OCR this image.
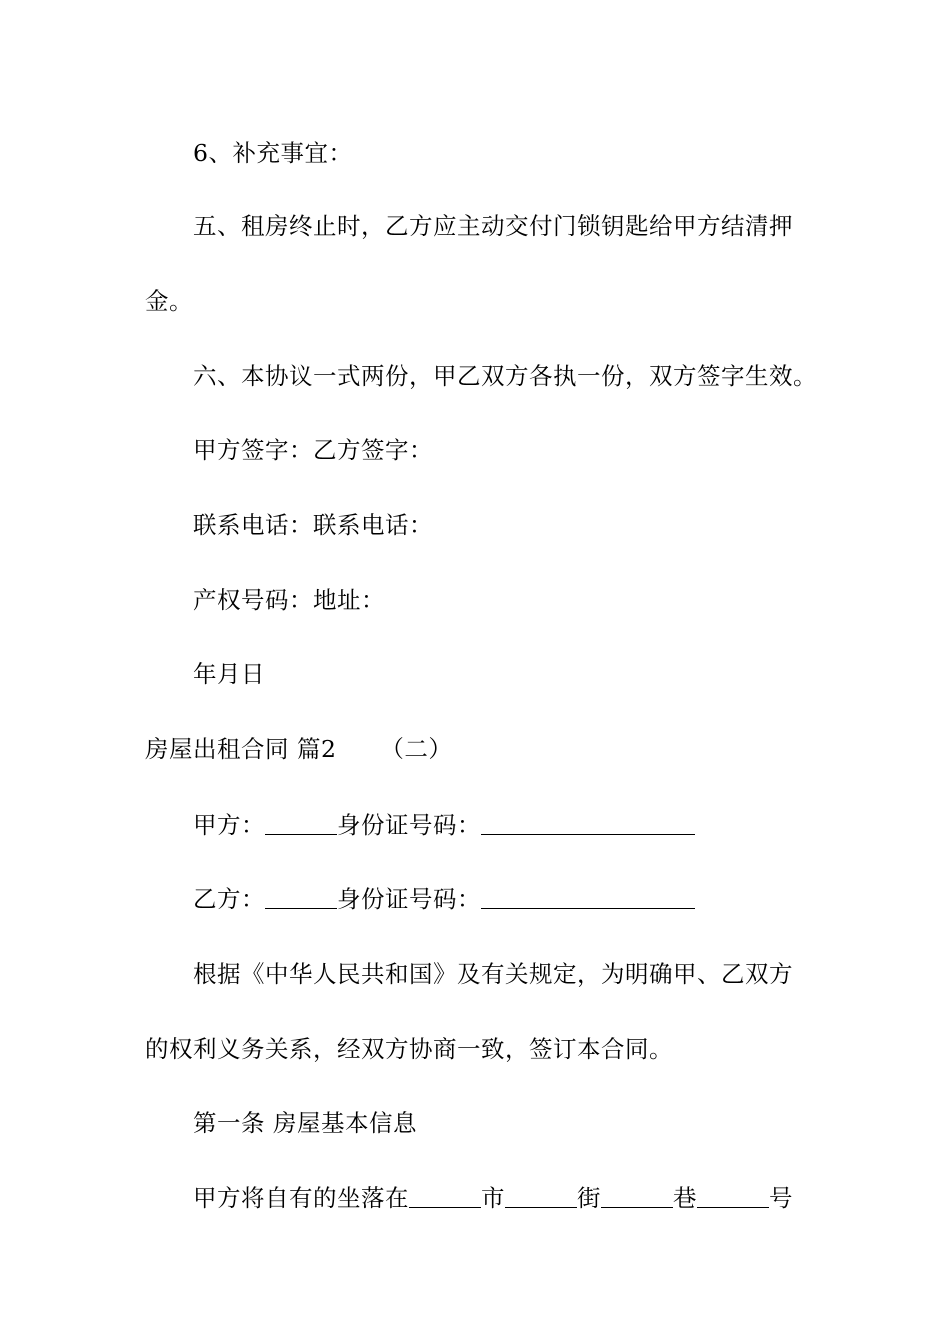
6、补充事宜：
五、租房终止时，乙方应主动交付门锁钥匙给甲方结清押
金。
六、本协议一式两份，甲乙双方各执一份，双方签字生效。
甲方签字：乙方签字：
联系电话：联系电话：
产权号码：地址：
年月日
房屋出租合同 篇2 （二）
甲方：	身份证号码：
乙方：	身份证号码：
根据《中华人民共和国》及有关规定，为明确甲、乙双方
的权利义务关系，经双方协商一致，签订本合同。
第一条 房屋基本信息
甲方将自有的坐落在	市	街	巷	号
